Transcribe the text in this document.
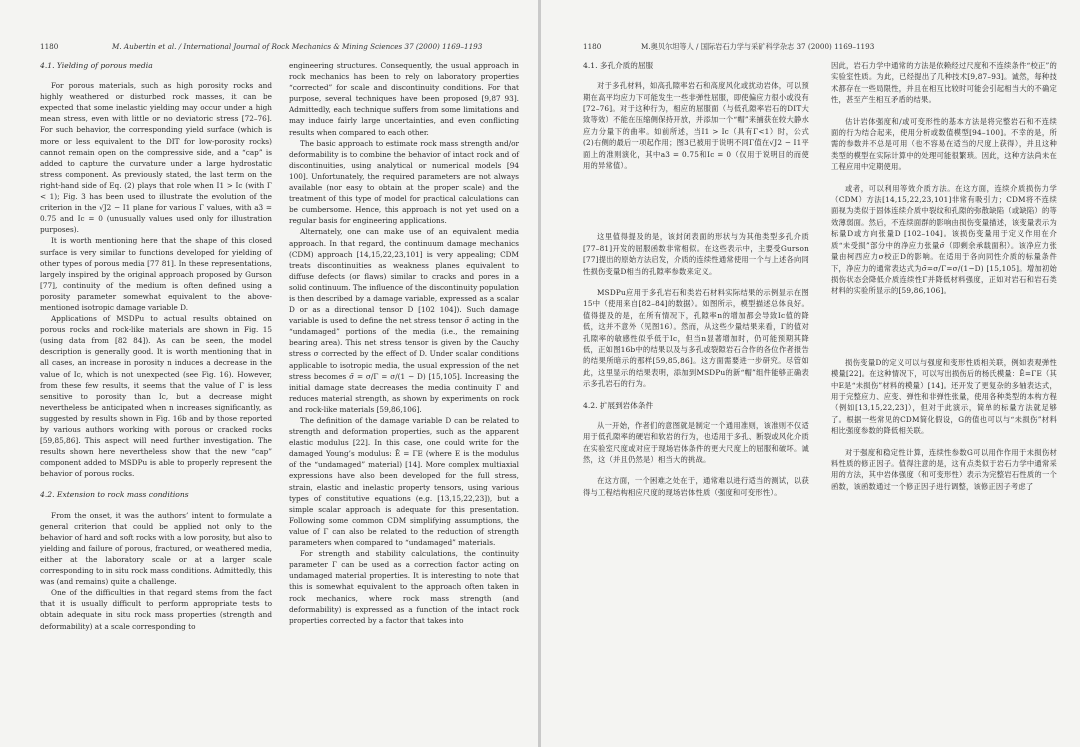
1180	M. Aubertin et al. / International Journal of Rock Mechanics & Mining Sciences 37 (2000) 1169–1193
4.1. Yielding of porous media

For porous materials, such as high porosity rocks and highly weathered or disturbed rock masses, it can be expected that some inelastic yielding may occur under a high mean stress, even with little or no deviatoric stress [72–76]. For such behavior, the corresponding yield surface (which is more or less equivalent to the DIT for low-porosity rocks) cannot remain open on the compressive side, and a “cap” is added to capture the curvature under a large hydrostatic stress component. As previously stated, the last term on the right-hand side of Eq. (2) plays that role when I1 > Ic (with Γ < 1); Fig. 3 has been used to illustrate the evolution of the criterion in the √J2 − I1 plane for various Γ values, with a3 = 0.75 and Ic = 0 (unusually values used only for illustration purposes).

It is worth mentioning here that the shape of this closed surface is very similar to functions developed for yielding of other types of porous media [77 81]. In these representations, largely inspired by the original approach proposed by Gurson [77], continuity of the medium is often defined using a porosity parameter somewhat equivalent to the above-mentioned isotropic damage variable D.

Applications of MSDPu to actual results obtained on porous rocks and rock-like materials are shown in Fig. 15 (using data from [82 84]). As can be seen, the model description is generally good. It is worth mentioning that in all cases, an increase in porosity n induces a decrease in the value of Ic, which is not unexpected (see Fig. 16). However, from these few results, it seems that the value of Γ is less sensitive to porosity than Ic, but a decrease might nevertheless be anticipated when n increases significantly, as suggested by results shown in Fig. 16b and by those reported by various authors working with porous or cracked rocks [59,85,86]. This aspect will need further investigation. The results shown here nevertheless show that the new “cap” component added to MSDPu is able to properly represent the behavior of porous rocks.

4.2. Extension to rock mass conditions

From the onset, it was the authors’ intent to formulate a general criterion that could be applied not only to the behavior of hard and soft rocks with a low porosity, but also to yielding and failure of porous, fractured, or weathered media, either at the laboratory scale or at a larger scale corresponding to in situ rock mass conditions. Admittedly, this was (and remains) quite a challenge.

One of the difficulties in that regard stems from the fact that it is usually difficult to perform appropriate tests to obtain adequate in situ rock mass properties (strength and deformability) at a scale corresponding to

engineering structures. Consequently, the usual approach in rock mechanics has been to rely on laboratory properties “corrected” for scale and discontinuity conditions. For that purpose, several techniques have been proposed [9,87 93]. Admittedly, each technique suffers from some limitations and may induce fairly large uncertainties, and even conflicting results when compared to each other.

The basic approach to estimate rock mass strength and/or deformability is to combine the behavior of intact rock and of discontinuities, using analytical or numerical models [94 100]. Unfortunately, the required parameters are not always available (nor easy to obtain at the proper scale) and the treatment of this type of model for practical calculations can be cumbersome. Hence, this approach is not yet used on a regular basis for engineering applications.

Alternately, one can make use of an equivalent media approach. In that regard, the continuum damage mechanics (CDM) approach [14,15,22,23,101] is very appealing; CDM treats discontinuities as weakness planes equivalent to diffuse defects (or flaws) similar to cracks and pores in a solid continuum. The influence of the discontinuity population is then described by a damage variable, expressed as a scalar D or as a directional tensor D [102 104]). Such damage variable is used to define the net stress tensor σ̃ acting in the “undamaged” portions of the media (i.e., the remaining bearing area). This net stress tensor is given by the Cauchy stress σ corrected by the effect of D. Under scalar conditions applicable to isotropic media, the usual expression of the net stress becomes σ̃ = σ/Γ = σ/(1 − D) [15,105]. Increasing the initial damage state decreases the media continuity Γ and reduces material strength, as shown by experiments on rock and rock-like materials [59,86,106].

The definition of the damage variable D can be related to strength and deformation properties, such as the apparent elastic modulus [22]. In this case, one could write for the damaged Young’s modulus: Ē = ΓE (where E is the modulus of the “undamaged” material) [14]. More complex multiaxial expressions have also been developed for the full stress, strain, elastic and inelastic property tensors, using various types of constitutive equations (e.g. [13,15,22,23]), but a simple scalar approach is adequate for this presentation. Following some common CDM simplifying assumptions, the value of Γ can also be related to the reduction of strength parameters when compared to “undamaged” materials.

For strength and stability calculations, the continuity parameter Γ can be used as a correction factor acting on undamaged material properties. It is interesting to note that this is somewhat equivalent to the approach often taken in rock mechanics, where rock mass strength (and deformability) is expressed as a function of the intact rock properties corrected by a factor that takes into

1180	M.奥贝尔坦等人 / 国际岩石力学与采矿科学杂志 37 (2000) 1169–1193
4.1. 多孔介质的屈服

对于多孔材料，如高孔隙率岩石和高度风化或扰动岩体，可以预期在高平均应力下可能发生一些非弹性屈服，即使偏应力很小或没有[72–76]。对于这种行为，相应的屈服面（与低孔隙率岩石的DIT大致等效）不能在压缩侧保持开放，并添加一个“帽”来捕获在较大静水应力分量下的曲率。如前所述，当I1 > Ic（具有Γ<1）时，公式(2)右侧的最后一项起作用；图3已被用于说明不同Γ值在√J2 − I1平面上的准则演化，其中a3 = 0.75和Ic = 0（仅用于说明目的而使用的异常值）。

这里值得提及的是，该封闭表面的形状与为其他类型多孔介质[77–81]开发的屈服函数非常相似。在这些表示中，主要受Gurson [77]提出的原始方法启发，介质的连续性通常使用一个与上述各向同性损伤变量D相当的孔隙率参数来定义。

MSDPu应用于多孔岩石和类岩石材料实际结果的示例显示在图15中（使用来自[82–84]的数据）。如图所示，模型描述总体良好。值得提及的是，在所有情况下，孔隙率n的增加都会导致Ic值的降低，这并不意外（见图16）。然而，从这些少量结果来看，Γ的值对孔隙率的敏感性似乎低于Ic，但当n显著增加时，仍可能预期其降低，正如图16b中的结果以及与多孔或裂隙岩石合作的各位作者报告的结果所暗示的那样[59,85,86]。这方面需要进一步研究。尽管如此，这里显示的结果表明，添加到MSDPu的新“帽”组件能够正确表示多孔岩石的行为。

4.2. 扩展到岩体条件

从一开始，作者们的意图就是制定一个通用准则，该准则不仅适用于低孔隙率的硬岩和软岩的行为，也适用于多孔、断裂或风化介质在实验室尺度或对应于现场岩体条件的更大尺度上的屈服和破坏。诚然，这（并且仍然是）相当大的挑战。

在这方面，一个困难之处在于，通常难以进行适当的测试，以获得与工程结构相应尺度的现场岩体性质（强度和可变形性）。

因此，岩石力学中通常的方法是依赖经过尺度和不连续条件“校正”的实验室性质。为此，已经提出了几种技术[9,87–93]。诚然，每种技术都存在一些局限性，并且在相互比较时可能会引起相当大的不确定性，甚至产生相互矛盾的结果。

估计岩体强度和/或可变形性的基本方法是将完整岩石和不连续面的行为结合起来，使用分析或数值模型[94–100]。不幸的是，所需的参数并不总是可用（也不容易在适当的尺度上获得），并且这种类型的模型在实际计算中的处理可能很繁琐。因此，这种方法尚未在工程应用中定期使用。

或者，可以利用等效介质方法。在这方面，连续介质损伤力学（CDM）方法[14,15,22,23,101]非常有吸引力；CDM将不连续面视为类似于固体连续介质中裂纹和孔隙的弥散缺陷（或缺陷）的等效薄弱面。然后，不连续面群的影响由损伤变量描述，该变量表示为标量D或方向张量D [102–104]。该损伤变量用于定义作用在介质“未受损”部分中的净应力张量σ̃（即剩余承载面积）。该净应力张量由柯西应力σ校正D的影响。在适用于各向同性介质的标量条件下，净应力的通常表达式为σ̃=σ/Γ=σ/(1−D) [15,105]。增加初始损伤状态会降低介质连续性Γ并降低材料强度，正如对岩石和岩石类材料的实验所显示的[59,86,106]。

损伤变量D的定义可以与强度和变形性质相关联，例如表观弹性模量[22]。在这种情况下，可以写出损伤后的杨氏模量：Ē=ΓE（其中E是“未损伤”材料的模量）[14]。还开发了更复杂的多轴表达式，用于完整应力、应变、弹性和非弹性张量，使用各种类型的本构方程（例如[13,15,22,23]），但对于此演示，简单的标量方法就足够了。根据一些常见的CDM简化假设，G的值也可以与“未损伤”材料相比强度参数的降低相关联。

对于强度和稳定性计算，连续性参数G可以用作作用于未损伤材料性质的修正因子。值得注意的是，这有点类似于岩石力学中通常采用的方法，其中岩体强度（和可变形性）表示为完整岩石性质的一个函数，该函数通过一个修正因子进行调整，该修正因子考虑了
